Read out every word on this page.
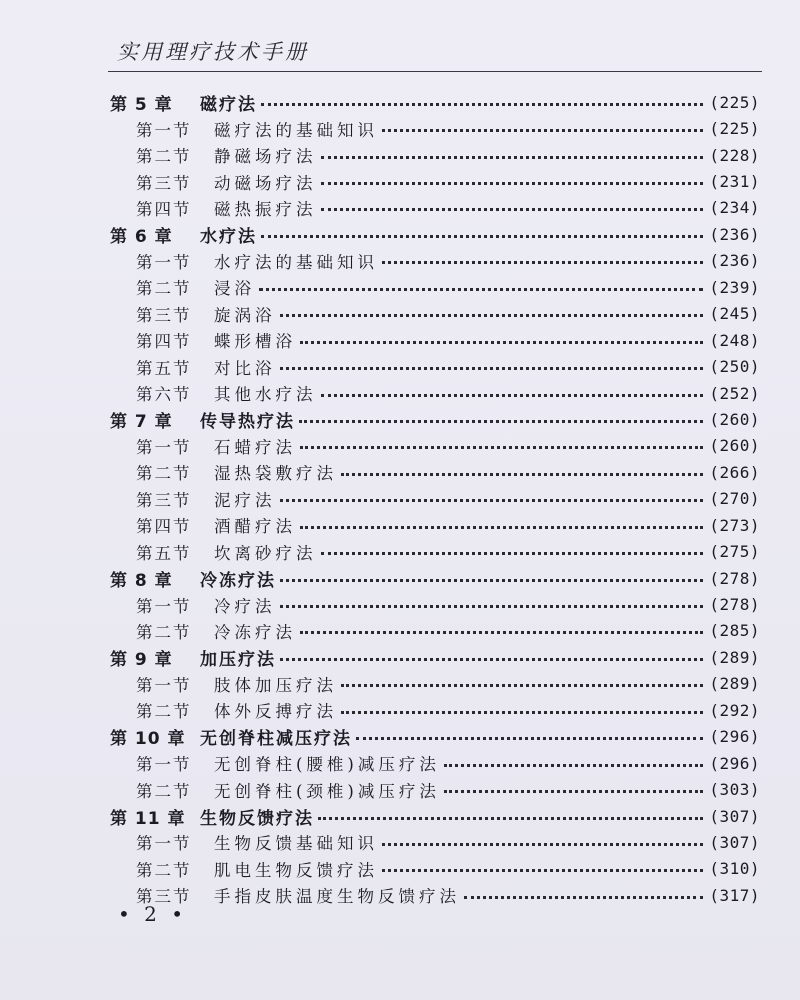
实用理疗技术手册
第 5 章	磁疗法	(225)
第一节	磁疗法的基础知识	(225)
第二节	静磁场疗法	(228)
第三节	动磁场疗法	(231)
第四节	磁热振疗法	(234)
第 6 章	水疗法	(236)
第一节	水疗法的基础知识	(236)
第二节	浸浴	(239)
第三节	旋涡浴	(245)
第四节	蝶形槽浴	(248)
第五节	对比浴	(250)
第六节	其他水疗法	(252)
第 7 章	传导热疗法	(260)
第一节	石蜡疗法	(260)
第二节	湿热袋敷疗法	(266)
第三节	泥疗法	(270)
第四节	酒醋疗法	(273)
第五节	坎离砂疗法	(275)
第 8 章	冷冻疗法	(278)
第一节	冷疗法	(278)
第二节	冷冻疗法	(285)
第 9 章	加压疗法	(289)
第一节	肢体加压疗法	(289)
第二节	体外反搏疗法	(292)
第 10 章 无创脊柱减压疗法	(296)
第一节	无创脊柱(腰椎)减压疗法	(296)
第二节	无创脊柱(颈椎)减压疗法	(303)
第 11 章 生物反馈疗法	(307)
第一节	生物反馈基础知识	(307)
第二节	肌电生物反馈疗法	(310)
第三节	手指皮肤温度生物反馈疗法	(317)
• 2 •
